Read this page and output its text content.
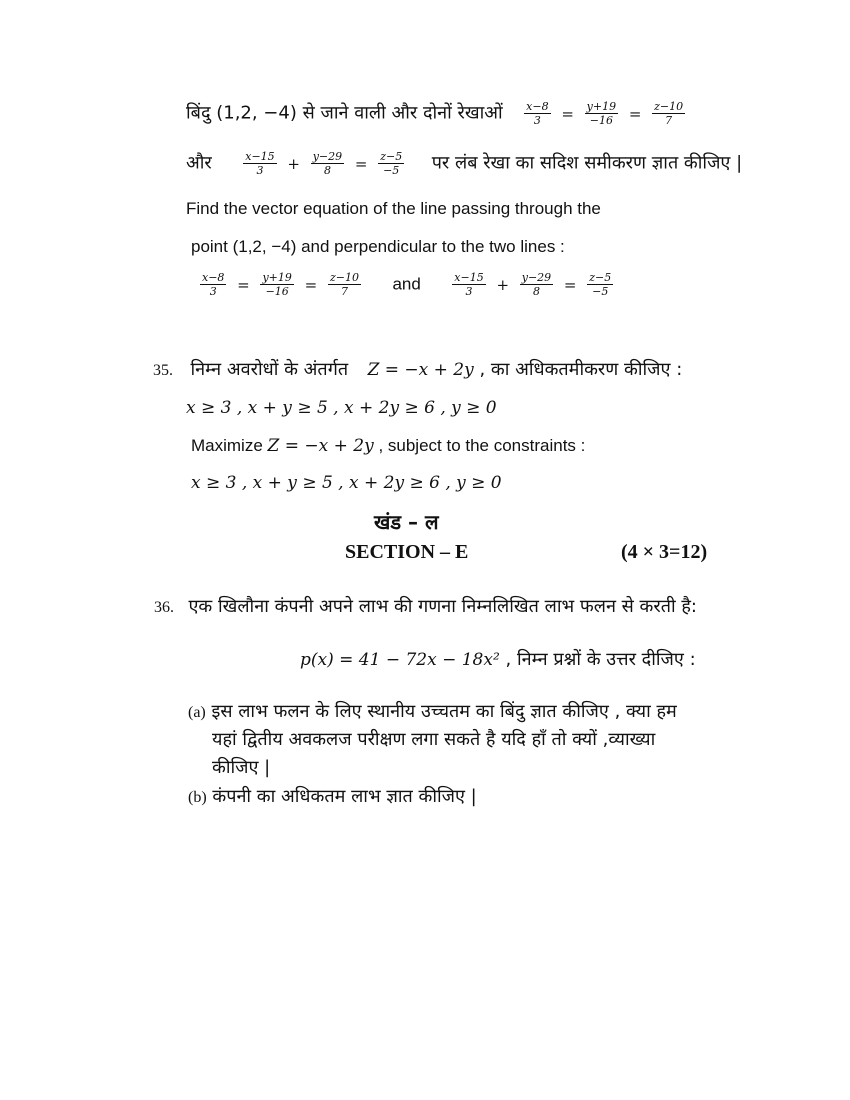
बिंदु (1,2, −4) से जाने वाली और दोनों रेखाओं $\frac{x-8}{3} = \frac{y+19}{-16} = \frac{z-10}{7}$
और	$\frac{x-15}{3} + \frac{y-29}{8} = \frac{z-5}{-5}$ पर लंब रेखा का सदिश समीकरण ज्ञात कीजिए |
Find the vector equation of the line passing through the
point (1,2, −4) and perpendicular to the two lines :
$\frac{x-8}{3} = \frac{y+19}{-16} = \frac{z-10}{7}$ and	$\frac{x-15}{3} + \frac{y-29}{8} = \frac{z-5}{-5}$
35. निम्न अवरोधों के अंतर्गत Z = −x + 2y , का अधिकतमीकरण कीजिए :
x ≥ 3 , x + y ≥ 5 , x + 2y ≥ 6 , y ≥ 0
Maximize Z = −x + 2y , subject to the constraints :
x ≥ 3 , x + y ≥ 5 , x + 2y ≥ 6 , y ≥ 0
खंड – ल
SECTION – E	(4 × 3=12)
36. एक खिलौना कंपनी अपने लाभ की गणना निम्नलिखित लाभ फलन से करती है:
p(x) = 41 − 72x − 18x² , निम्न प्रश्नों के उत्तर दीजिए :
(a) इस लाभ फलन के लिए स्थानीय उच्चतम का बिंदु ज्ञात कीजिए , क्या हम
यहां द्वितीय अवकलज परीक्षण लगा सकते है यदि हाँ तो क्यों ,व्याख्या
कीजिए |
(b) कंपनी का अधिकतम लाभ ज्ञात कीजिए |
